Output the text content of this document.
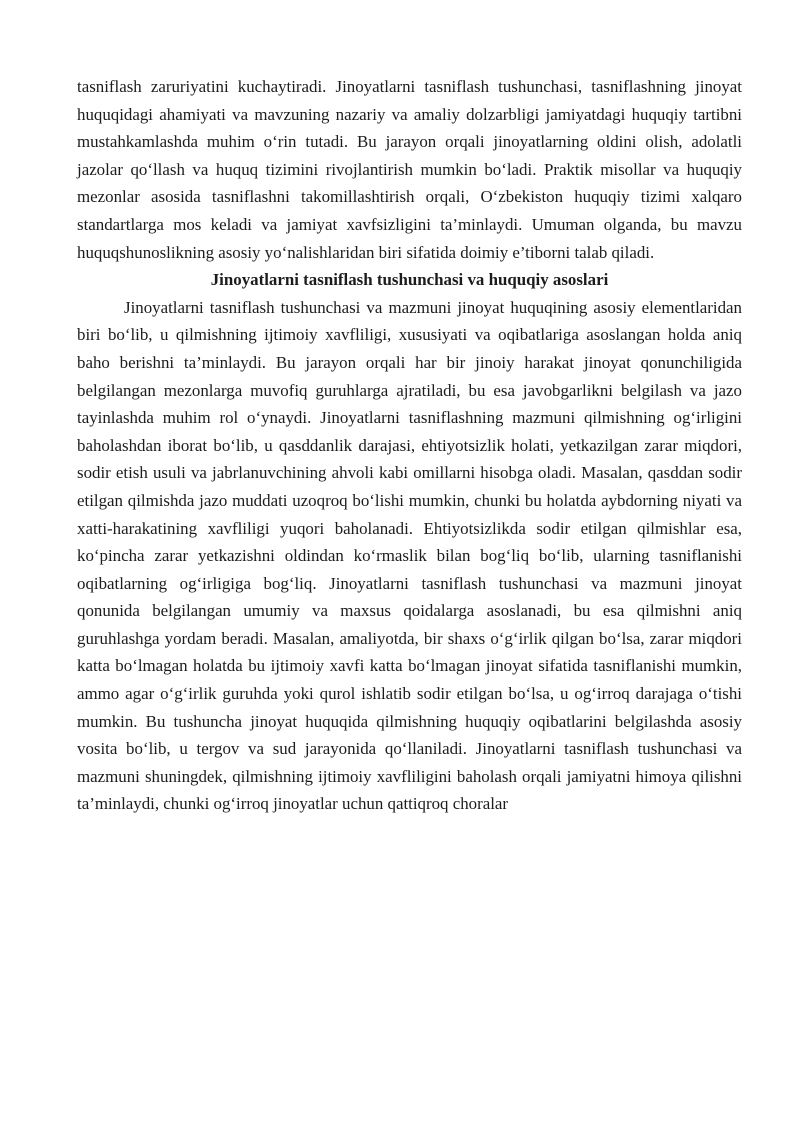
tasniflash zaruriyatini kuchaytiradi. Jinoyatlarni tasniflash tushunchasi, tasniflashning jinoyat huquqidagi ahamiyati va mavzuning nazariy va amaliy dolzarbligi jamiyatdagi huquqiy tartibni mustahkamlashda muhim o‘rin tutadi. Bu jarayon orqali jinoyatlarning oldini olish, adolatli jazolar qo‘llash va huquq tizimini rivojlantirish mumkin bo‘ladi. Praktik misollar va huquqiy mezonlar asosida tasniflashni takomillashtirish orqali, O‘zbekiston huquqiy tizimi xalqaro standartlarga mos keladi va jamiyat xavfsizligini ta’minlaydi. Umuman olganda, bu mavzu huquqshunoslikning asosiy yo‘nalishlaridan biri sifatida doimiy e’tiborni talab qiladi.

Jinoyatlarni tasniflash tushunchasi va huquqiy asoslari

Jinoyatlarni tasniflash tushunchasi va mazmuni jinoyat huquqining asosiy elementlaridan biri bo‘lib, u qilmishning ijtimoiy xavfliligi, xususiyati va oqibatlariga asoslangan holda aniq baho berishni ta’minlaydi. Bu jarayon orqali har bir jinoiy harakat jinoyat qonunchiligida belgilangan mezonlarga muvofiq guruhlarga ajratiladi, bu esa javobgarlikni belgilash va jazo tayinlashda muhim rol o‘ynaydi. Jinoyatlarni tasniflashning mazmuni qilmishning og‘irligini baholashdan iborat bo‘lib, u qasddanlik darajasi, ehtiyotsizlik holati, yetkazilgan zarar miqdori, sodir etish usuli va jabrlanuvchining ahvoli kabi omillarni hisobga oladi. Masalan, qasddan sodir etilgan qilmishda jazo muddati uzoqroq bo‘lishi mumkin, chunki bu holatda aybdorning niyati va xatti-harakatining xavfliligi yuqori baholanadi. Ehtiyotsizlikda sodir etilgan qilmishlar esa, ko‘pincha zarar yetkazishni oldindan ko‘rmaslik bilan bog‘liq bo‘lib, ularning tasniflanishi oqibatlarning og‘irligiga bog‘liq. Jinoyatlarni tasniflash tushunchasi va mazmuni jinoyat qonunida belgilangan umumiy va maxsus qoidalarga asoslanadi, bu esa qilmishni aniq guruhlashga yordam beradi. Masalan, amaliyotda, bir shaxs o‘g‘irlik qilgan bo‘lsa, zarar miqdori katta bo‘lmagan holatda bu ijtimoiy xavfi katta bo‘lmagan jinoyat sifatida tasniflanishi mumkin, ammo agar o‘g‘irlik guruhda yoki qurol ishlatib sodir etilgan bo‘lsa, u og‘irroq darajaga o‘tishi mumkin. Bu tushuncha jinoyat huquqida qilmishning huquqiy oqibatlarini belgilashda asosiy vosita bo‘lib, u tergov va sud jarayonida qo‘llaniladi. Jinoyatlarni tasniflash tushunchasi va mazmuni shuningdek, qilmishning ijtimoiy xavfliligini baholash orqali jamiyatni himoya qilishni ta’minlaydi, chunki og‘irroq jinoyatlar uchun qattiqroq choralar
